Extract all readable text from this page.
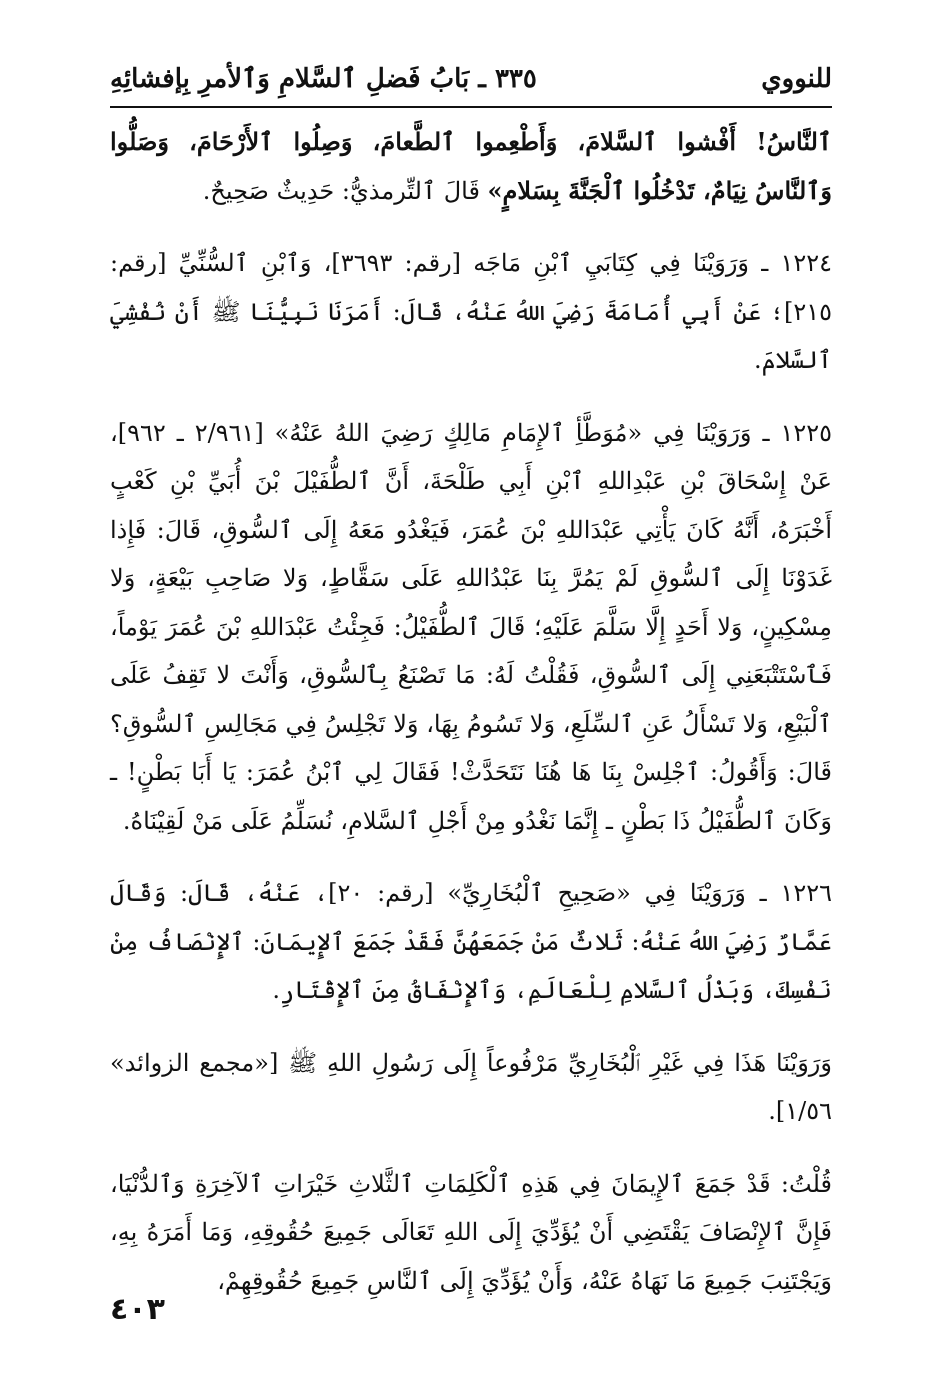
للنووي
٣٣٥ ـ بَابُ فَضلِ ٱلسَّلامِ وَٱلأمرِ بِإفشائِهِ

ٱلنَّاسُ! أَفْشوا ٱلسَّلامَ، وَأَطْعِموا ٱلطَّعامَ، وَصِلُوا ٱلأَرْحَامَ، وَصَلُّوا وَٱلنَّاسُ نِيَامٌ، تَدْخُلُوا ٱلْجَنَّةَ بِسَلامٍ» قَالَ ٱلتِّرمذيُّ: حَدِيثٌ صَحِيحٌ.

١٢٢٤ ـ وَرَوَيْنَا فِي كِتَابَيِ ٱبْنِ مَاجَه [رقم: ٣٦٩٣]، وَٱبْنِ ٱلسُّنِّيِّ [رقم: ٢١٥]؛ عَنْ أَبِي أُمَامَةَ رَضِيَ اللهُ عَنْهُ، قَالَ: أَمَرَنَا نَبِيُّنَا ﷺ أَنْ نُفْشِيَ ٱلسَّلامَ.

١٢٢٥ ـ وَرَوَيْنَا فِي «مُوَطَّأِ ٱلإِمَامِ مَالِكٍ رَضِيَ اللهُ عَنْهُ» [٢/٩٦١ ـ ٩٦٢]، عَنْ إِسْحَاقَ بْنِ عَبْدِاللهِ ٱبْنِ أَبِي طَلْحَةَ، أَنَّ ٱلطُّفَيْلَ بْنَ أُبَيِّ بْنِ كَعْبٍ أَخْبَرَهُ، أَنَّهُ كَانَ يَأْتِي عَبْدَاللهِ بْنَ عُمَرَ، فَيَغْدُو مَعَهُ إِلَى ٱلسُّوقِ، قَالَ: فَإِذا غَدَوْنَا إِلَى ٱلسُّوقِ لَمْ يَمُرَّ بِنَا عَبْدُاللهِ عَلَى سَقَّاطٍ، وَلا صَاحِبِ بَيْعَةٍ، وَلا مِسْكِينٍ، وَلا أَحَدٍ إِلَّا سَلَّمَ عَلَيْهِ؛ قَالَ ٱلطُّفَيْلُ: فَجِئْتُ عَبْدَاللهِ بْنَ عُمَرَ يَوْماً، فَٱسْتَتْبَعَنِي إِلَى ٱلسُّوقِ، فَقُلْتُ لَهُ: مَا تَصْنَعُ بِٱلسُّوقِ، وَأَنْتَ لا تَقِفُ عَلَى ٱلْبَيْعِ، وَلا تَسْأَلُ عَنِ ٱلسِّلَعِ، وَلا تَسُومُ بِهَا، وَلا تَجْلِسُ فِي مَجَالِسِ ٱلسُّوقِ؟ قَالَ: وَأَقُولُ: ٱجْلِسْ بِنَا هَا هُنَا نَتَحَدَّثْ! فَقَالَ لِي ٱبْنُ عُمَرَ: يَا أَبَا بَطْنٍ! ـ وَكَانَ ٱلطُّفَيْلُ ذَا بَطْنٍ ـ إِنَّمَا نَغْدُو مِنْ أَجْلِ ٱلسَّلامِ، نُسَلِّمُ عَلَى مَنْ لَقِيْنَاهُ.

١٢٢٦ ـ وَرَوَيْنَا فِي «صَحِيحِ ٱلْبُخَارِيِّ» [رقم: ٢٠]، عَنْهُ، قَالَ: وَقَالَ عَمَّارٌ رَضِيَ اللهُ عَنْهُ: ثَلاثٌ مَنْ جَمَعَهُنَّ فَقَدْ جَمَعَ ٱلإِيمَانَ: ٱلإِنْصَافُ مِنْ نَفْسِكَ، وَبَذْلُ ٱلسَّلامِ لِلْعَالَمِ، وَٱلإِنْفَاقُ مِنَ ٱلإِقْتَارِ.

وَرَوَيْنَا هَذَا فِي غَيْرِ ٱلْبُخَارِيِّ مَرْفُوعاً إِلَى رَسُولِ اللهِ ﷺ [«مجمع الزوائد» ١/٥٦].

قُلْتُ: قَدْ جَمَعَ ٱلإِيمَانَ فِي هَذِهِ ٱلْكَلِمَاتِ ٱلثَّلاثِ خَيْرَاتِ ٱلآخِرَةِ وَٱلدُّنْيَا، فَإِنَّ ٱلإِنْصَافَ يَقْتَضِي أَنْ يُؤَدِّيَ إِلَى اللهِ تَعَالَى جَمِيعَ حُقُوقِهِ، وَمَا أَمَرَهُ بِهِ، وَيَجْتَنِبَ جَمِيعَ مَا نَهَاهُ عَنْهُ، وَأَنْ يُؤَدِّيَ إِلَى ٱلنَّاسِ جَمِيعَ حُقُوقِهِمْ،

٤٠٣
